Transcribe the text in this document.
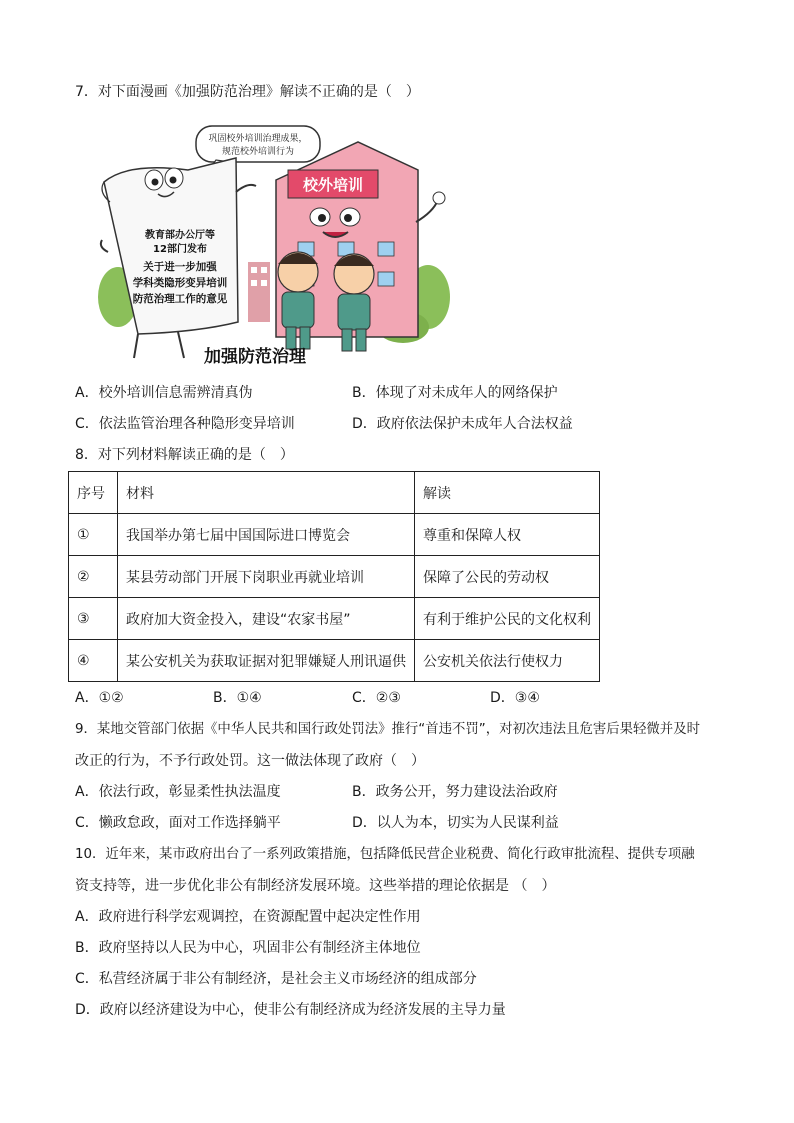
7．对下面漫画《加强防范治理》解读不正确的是（　）
校外培训
巩固校外培训治理成果，
规范校外培训行为
教育部办公厅等
12部门发布
关于进一步加强
学科类隐形变异培训
防范治理工作的意见
加强防范治理
A．校外培训信息需辨清真伪	B．体现了对未成年人的网络保护
C．依法监管治理各种隐形变异培训	D．政府依法保护未成年人合法权益
8．对下列材料解读正确的是（　）
序号	材料	解读
①	我国举办第七届中国国际进口博览会	尊重和保障人权
②	某县劳动部门开展下岗职业再就业培训	保障了公民的劳动权
③	政府加大资金投入，建设“农家书屋”	有利于维护公民的文化权利
④	某公安机关为获取证据对犯罪嫌疑人刑讯逼供	公安机关依法行使权力
A．①②	B．①④	C．②③	D．③④
9．某地交管部门依据《中华人民共和国行政处罚法》推行“首违不罚”，对初次违法且危害后果轻微并及时
改正的行为，不予行政处罚。这一做法体现了政府（　）
A．依法行政，彰显柔性执法温度	B．政务公开，努力建设法治政府
C．懒政怠政，面对工作选择躺平	D．以人为本，切实为人民谋利益
10．近年来，某市政府出台了一系列政策措施，包括降低民营企业税费、简化行政审批流程、提供专项融
资支持等，进一步优化非公有制经济发展环境。这些举措的理论依据是 （　）
A．政府进行科学宏观调控，在资源配置中起决定性作用
B．政府坚持以人民为中心，巩固非公有制经济主体地位
C．私营经济属于非公有制经济，是社会主义市场经济的组成部分
D．政府以经济建设为中心，使非公有制经济成为经济发展的主导力量
